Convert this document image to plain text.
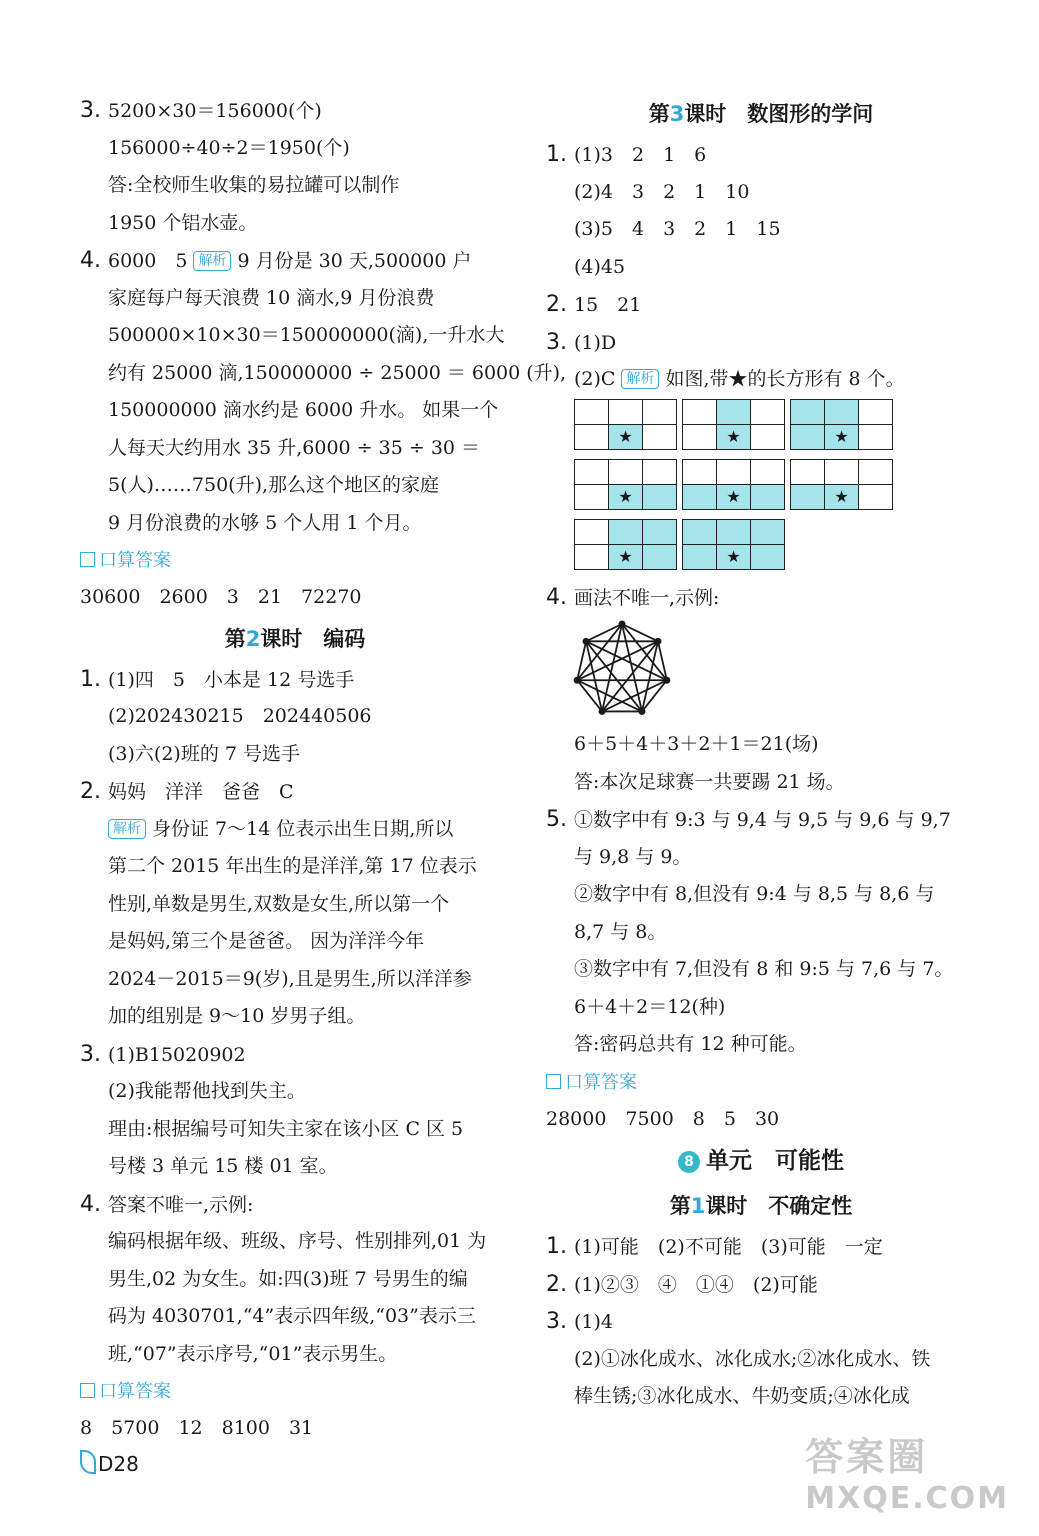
3. 5200×30＝156000(个)
156000÷40÷2＝1950(个)
答:全校师生收集的易拉罐可以制作
1950 个铝水壶。
4. 6000　5 解析 9 月份是 30 天,500000 户
家庭每户每天浪费 10 滴水,9 月份浪费
500000×10×30＝150000000(滴),一升水大
约有 25000 滴,150000000 ÷ 25000 ＝ 6000 (升),
150000000 滴水约是 6000 升水。 如果一个
人每天大约用水 35 升,6000 ÷ 35 ÷ 30 ＝
5(人)……750(升),那么这个地区的家庭
9 月份浪费的水够 5 个人用 1 个月。
口算答案
30600　2600　3　21　72270
第2课时　编码
1. (1)四　5　小本是 12 号选手
(2)202430215　202440506
(3)六(2)班的 7 号选手
2. 妈妈　洋洋　爸爸　C
解析 身份证 7～14 位表示出生日期,所以
第二个 2015 年出生的是洋洋,第 17 位表示
性别,单数是男生,双数是女生,所以第一个
是妈妈,第三个是爸爸。 因为洋洋今年
2024－2015＝9(岁),且是男生,所以洋洋参
加的组别是 9～10 岁男子组。
3. (1)B15020902
(2)我能帮他找到失主。
理由:根据编号可知失主家在该小区 C 区 5
号楼 3 单元 15 楼 01 室。
4. 答案不唯一,示例:
编码根据年级、班级、序号、性别排列,01 为
男生,02 为女生。如:四(3)班 7 号男生的编
码为 4030701,“4”表示四年级,“03”表示三
班,“07”表示序号,“01”表示男生。
口算答案
8　5700　12　8100　31
第3课时　数图形的学问
1. (1)3　2　1　6
(2)4　3　2　1　10
(3)5　4　3　2　1　15
(4)45
2. 15　21
3. (1)D
(2)C 解析 如图,带★的长方形有 8 个。

	★	

		★	

		★	

	★	

		★	

		★	

	★	

		★	
4. 画法不唯一,示例:
6＋5＋4＋3＋2＋1＝21(场)
答:本次足球赛一共要踢 21 场。
5. ①数字中有 9:3 与 9,4 与 9,5 与 9,6 与 9,7
与 9,8 与 9。
②数字中有 8,但没有 9:4 与 8,5 与 8,6 与
8,7 与 8。
③数字中有 7,但没有 8 和 9:5 与 7,6 与 7。
6＋4＋2＝12(种)
答:密码总共有 12 种可能。
口算答案
28000　7500　8　5　30
8 单元　可能性
第1课时　不确定性
1. (1)可能　(2)不可能　(3)可能　一定
2. (1)②③　④　①④　(2)可能
3. (1)4
(2)①冰化成水、冰化成水;②冰化成水、铁
棒生锈;③冰化成水、牛奶变质;④冰化成
D28	答案圈
MXQE.COM
